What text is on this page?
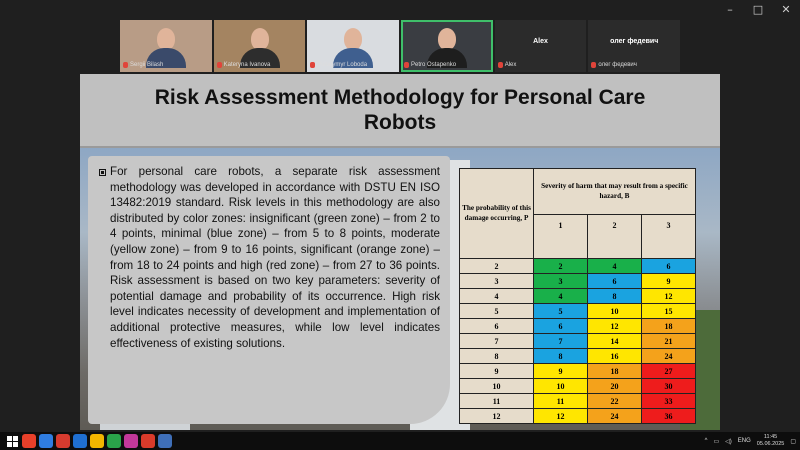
–	□	✕
Sergii Bilash	Kateryna Ivanova	Volodymyr Loboda	Petro Ostapenko
Аlex
Аlex
олег федевич
олег федевич
Risk Assessment Methodology for Personal Care Robots

For personal care robots, a separate risk assessment methodology was developed in accordance with DSTU EN ISO 13482:2019 standard. Risk levels in this methodology are also distributed by color zones: insignificant (green zone) – from 2 to 4 points, minimal (blue zone) – from 5 to 8 points, moderate (yellow zone) – from 9 to 16 points, significant (orange zone) – from 18 to 24 points and high (red zone) – from 27 to 36 points. Risk assessment is based on two key parameters: severity of potential damage and probability of its occurrence. High risk level indicates necessity of development and implementation of additional protective measures, while low level indicates effectiveness of existing solutions.

The probability of this damage occurring, P	Severity of harm that may result from a specific hazard, B		
	1	2	3
2	2	4	6
3	3	6	9
4	4	8	12
5	5	10	15
6	6	12	18
7	7	14	21
8	8	16	24
9	9	18	27
10	10	20	30
11	11	22	33
12	12	24	36
^ ▭ ◁) ENG
11:45
05.06.2025 ▢
